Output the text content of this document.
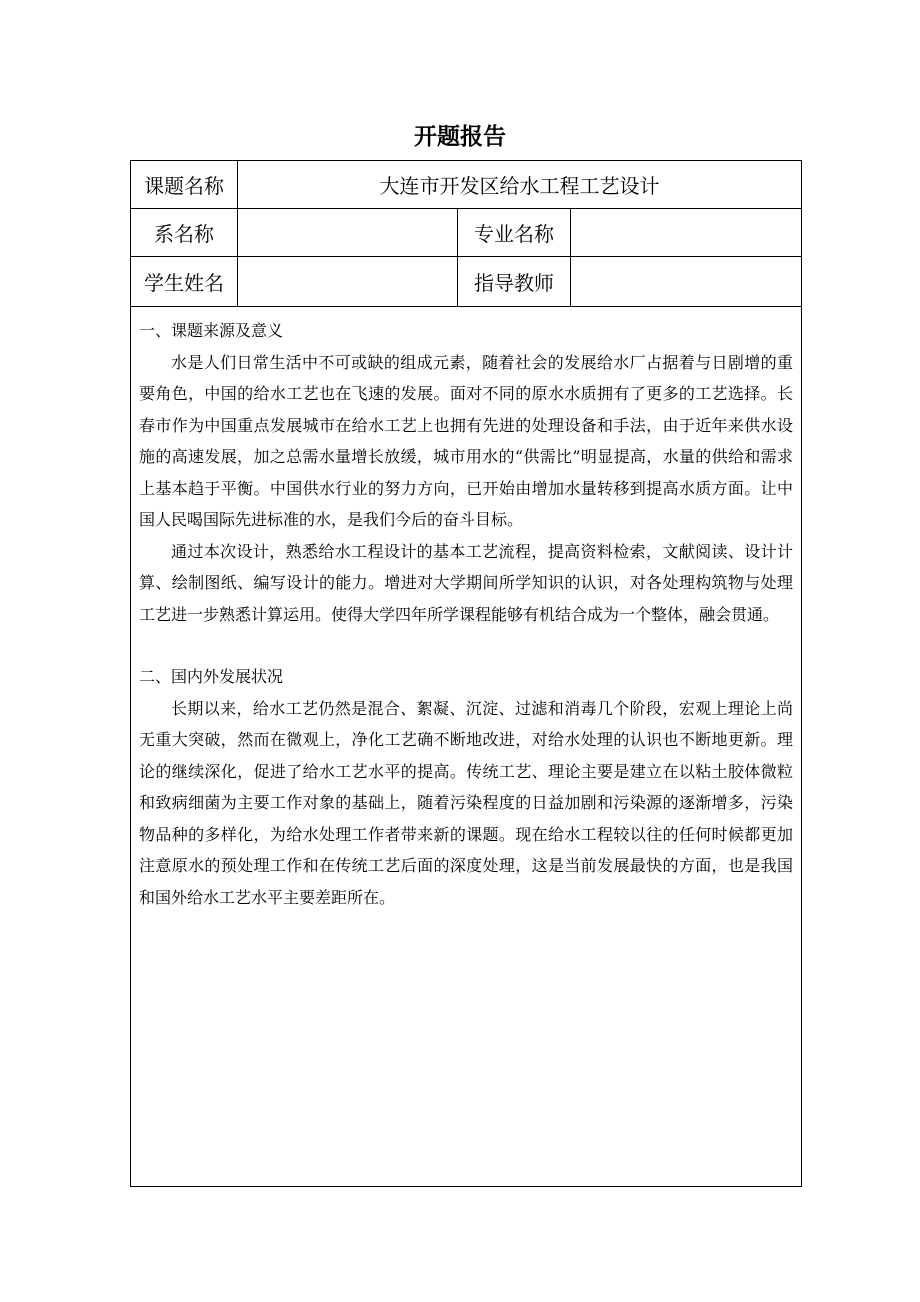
开题报告
课题名称	大连市开发区给水工程工艺设计
系名称	专业名称
学生姓名	指导教师

一、课题来源及意义

水是人们日常生活中不可或缺的组成元素，随着社会的发展给水厂占据着与日剧增的重要角色，中国的给水工艺也在飞速的发展。面对不同的原水水质拥有了更多的工艺选择。长春市作为中国重点发展城市在给水工艺上也拥有先进的处理设备和手法，由于近年来供水设施的高速发展，加之总需水量增长放缓，城市用水的“供需比”明显提高，水量的供给和需求上基本趋于平衡。中国供水行业的努力方向，已开始由增加水量转移到提高水质方面。让中国人民喝国际先进标准的水，是我们今后的奋斗目标。

通过本次设计，熟悉给水工程设计的基本工艺流程，提高资料检索，文献阅读、设计计算、绘制图纸、编写设计的能力。增进对大学期间所学知识的认识，对各处理构筑物与处理工艺进一步熟悉计算运用。使得大学四年所学课程能够有机结合成为一个整体，融会贯通。

二、国内外发展状况

长期以来，给水工艺仍然是混合、絮凝、沉淀、过滤和消毒几个阶段，宏观上理论上尚无重大突破，然而在微观上，净化工艺确不断地改进，对给水处理的认识也不断地更新。理论的继续深化，促进了给水工艺水平的提高。传统工艺、理论主要是建立在以粘土胶体微粒和致病细菌为主要工作对象的基础上，随着污染程度的日益加剧和污染源的逐渐增多，污染物品种的多样化，为给水处理工作者带来新的课题。现在给水工程较以往的任何时候都更加注意原水的预处理工作和在传统工艺后面的深度处理，这是当前发展最快的方面，也是我国和国外给水工艺水平主要差距所在。
